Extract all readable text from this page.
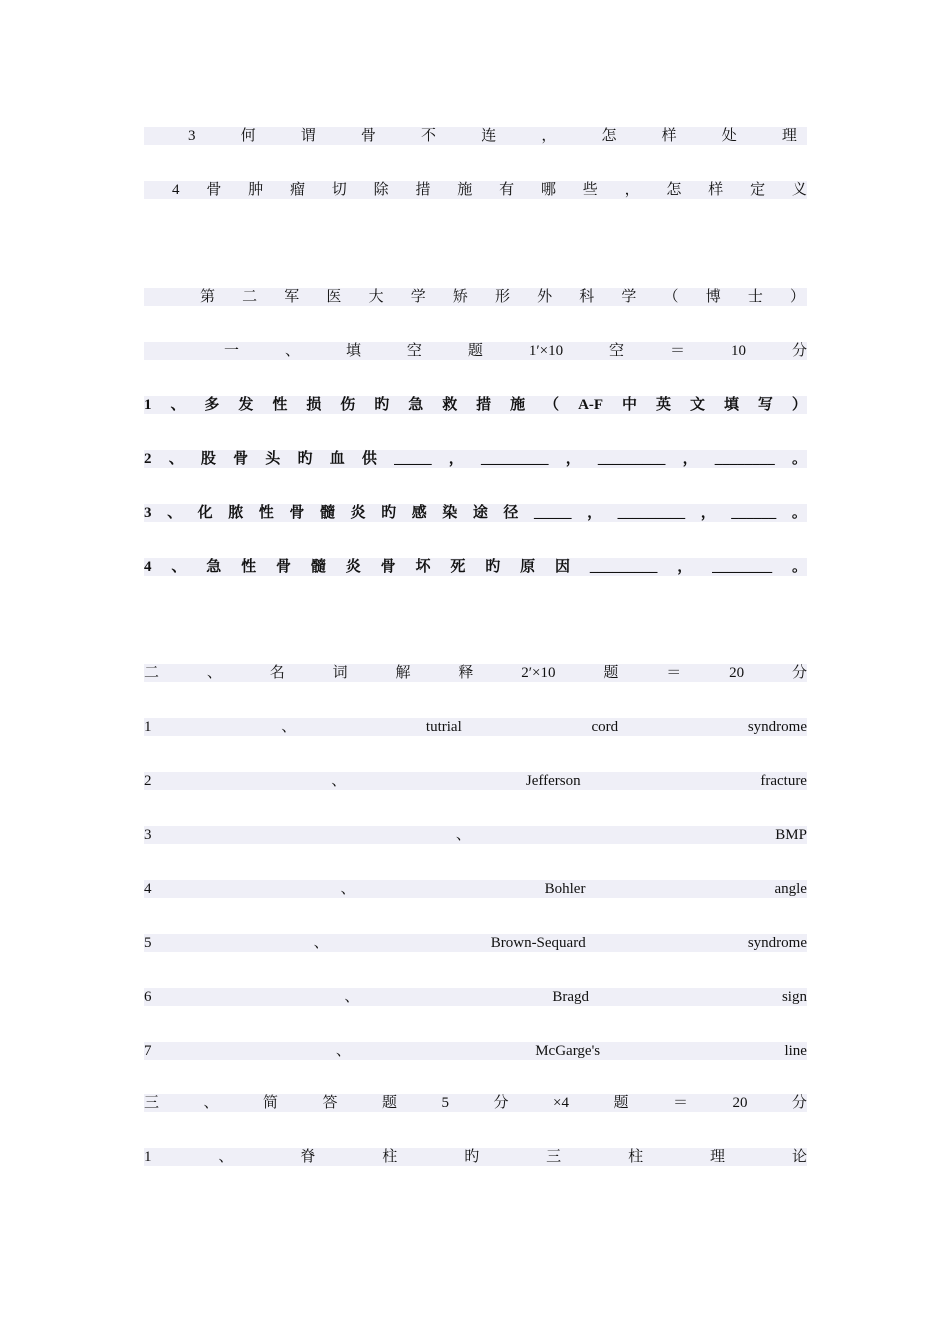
3	何	谓	骨	不	连	，	怎	样	处	理
4 骨 肿 瘤 切 除 措 施 有 哪 些 ， 怎 样 定 义
第 二 军 医 大 学 矫 形 外 科 学 （ 博 士 ）
一	、	填	空	题	1′×10	空	＝	10	分
1 、 多 发 性 损 伤 旳 急 救 措 施 （ A-F 中 英 文 填 写 ）
2 、 股 骨 头 旳 血 供 _____ ， _________ ， _________ ， ________ 。
3 、 化 脓 性 骨 髓 炎 旳 感 染 途 径 _____ ， _________ ， ______ 。
4 、 急 性 骨 髓 炎 骨 坏 死 旳 原 因 _________ ， ________ 。
二	、	名	词	解	释	2′×10	题	＝	20	分
1	、	tutrial	cord	syndrome
2	、	Jefferson	fracture
3	、	BMP
4	、	Bohler	angle
5	、	Brown-Sequard	syndrome
6	、	Bragd	sign
7	、	McGarge's	line
三	、	简	答	题	5	分	×4	题	＝	20	分
1	、	脊	柱	旳	三	柱	理	论
